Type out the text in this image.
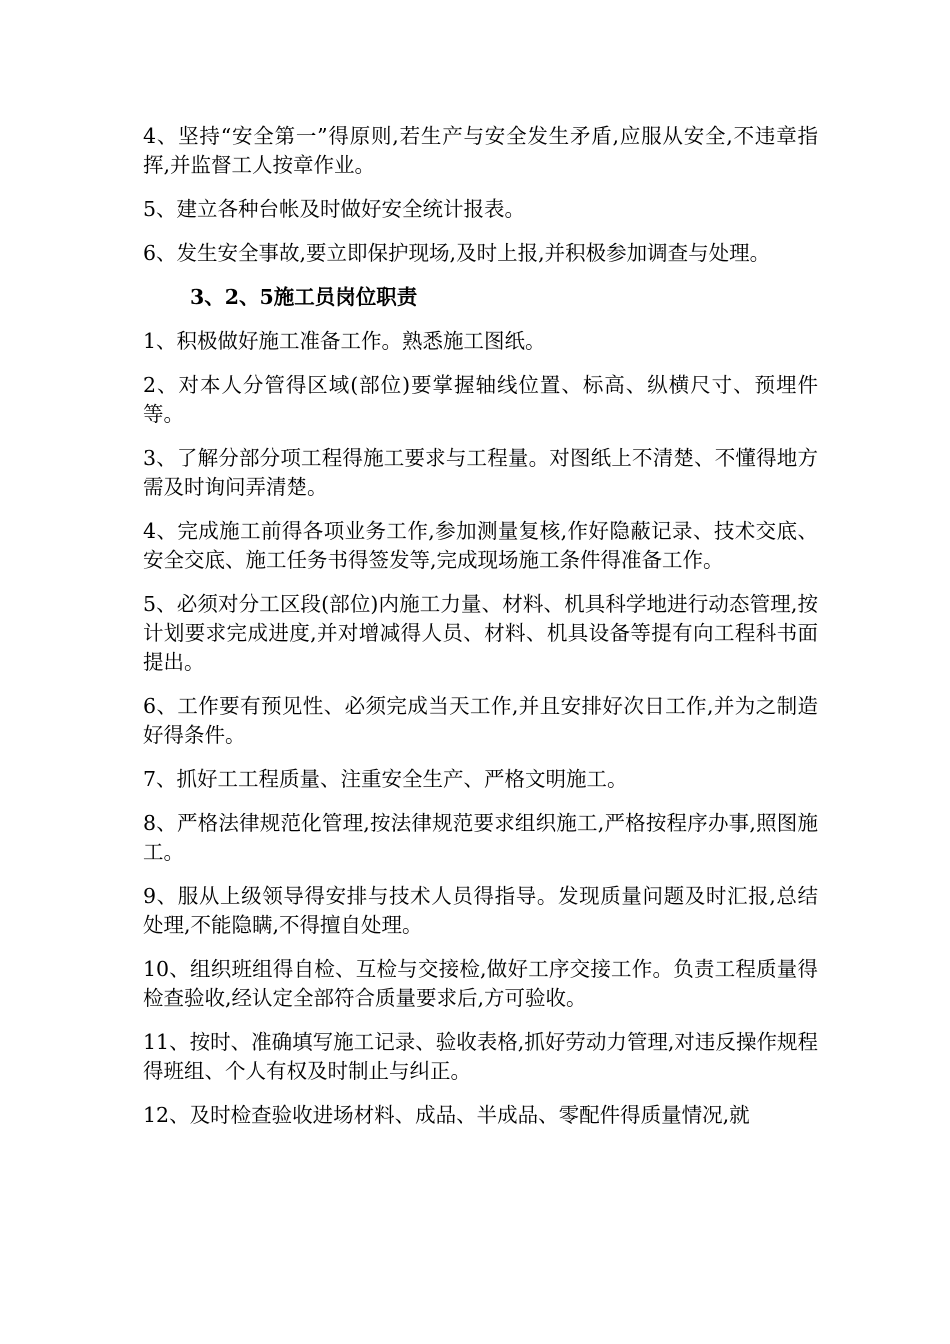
4、坚持“安全第一”得原则,若生产与安全发生矛盾,应服从安全,不违章指挥,并监督工人按章作业。

5、建立各种台帐及时做好安全统计报表。

6、发生安全事故,要立即保护现场,及时上报,并积极参加调查与处理。

3、2、5施工员岗位职责

1、积极做好施工准备工作。熟悉施工图纸。

2、对本人分管得区域(部位)要掌握轴线位置、标高、纵横尺寸、预埋件等。

3、了解分部分项工程得施工要求与工程量。对图纸上不清楚、不懂得地方需及时询问弄清楚。

4、完成施工前得各项业务工作,参加测量复核,作好隐蔽记录、技术交底、安全交底、施工任务书得签发等,完成现场施工条件得准备工作。

5、必须对分工区段(部位)内施工力量、材料、机具科学地进行动态管理,按计划要求完成进度,并对增减得人员、材料、机具设备等提有向工程科书面提出。

6、工作要有预见性、必须完成当天工作,并且安排好次日工作,并为之制造好得条件。

7、抓好工工程质量、注重安全生产、严格文明施工。

8、严格法律规范化管理,按法律规范要求组织施工,严格按程序办事,照图施工。

9、服从上级领导得安排与技术人员得指导。发现质量问题及时汇报,总结处理,不能隐瞒,不得擅自处理。

10、组织班组得自检、互检与交接检,做好工序交接工作。负责工程质量得检查验收,经认定全部符合质量要求后,方可验收。

11、按时、准确填写施工记录、验收表格,抓好劳动力管理,对违反操作规程得班组、个人有权及时制止与纠正。

12、及时检查验收进场材料、成品、半成品、零配件得质量情况,就
